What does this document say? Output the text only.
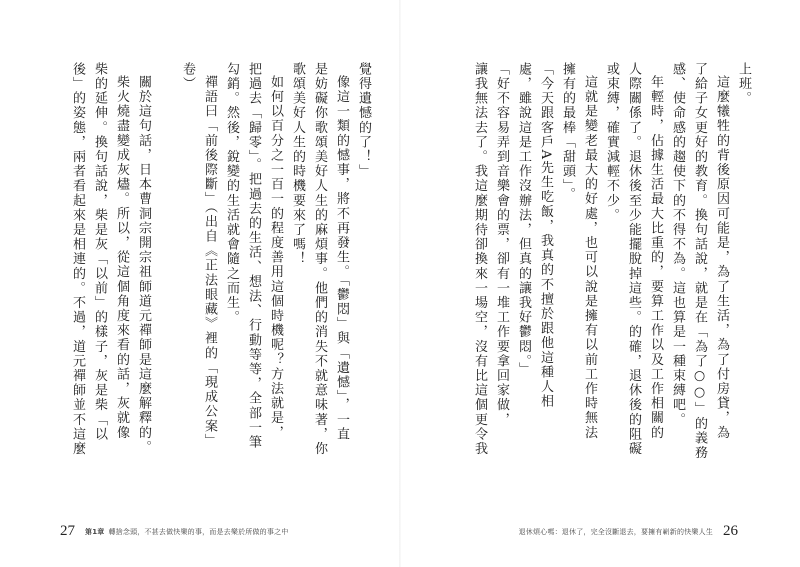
覺得遺憾的了！」
像這一類的憾事，將不再發生。「鬱悶」與「遺憾」，一直
是妨礙你歌頌美好人生的麻煩事。他們的消失不就意味著，你
歌頌美好人生的時機要來了嗎！
如何以百分之一百一的程度善用這個時機呢？方法就是，
把過去「歸零」。把過去的生活、想法、行動等等，全部一筆
勾銷。然後，銳變的生活就會隨之而生。
禪語曰「前後際斷」（出自《正法眼藏》裡的「現成公案」
卷）
關於這句話，日本曹洞宗開宗祖師道元禪師是這麼解釋的。
柴火燒盡變成灰燼。所以，從這個角度來看的話，灰就像
柴的延伸。換句話說，柴是灰「以前」的樣子，灰是柴「以
後」的姿態，兩者看起來是相連的。不過，道元禪師並不這麼
27 第1章 轉捨念頭，不甚去做快樂的事，而是去樂於所做的事之中
上班。
這麼犧牲的背後原因可能是，為了生活，為了付房貸，為
了給子女更好的教育。換句話說，就是在「為了○○」的義務
感、使命感的趨使下的不得不為。這也算是一種束縛吧。
年輕時，佔據生活最大比重的，要算工作以及工作相關的
人際關係了。退休後至少能擺脫掉這些。的確，退休後的阻礙
或束縛，確實減輕不少。
這就是變老最大的好處，也可以說是擁有以前工作時無法
擁有的最棒「甜頭」。
「今天跟客戶A先生吃飯，我真的不擅於跟他這種人相
處，雖說這是工作沒辦法，但真的讓我好鬱悶。」
「好不容易弄到音樂會的票，卻有一堆工作要拿回家做，
讓我無法去了。我這麼期待卻換來一場空，沒有比這個更令我
退休煩心嗎：退休了，完全沒斷退去，要擁有嶄新的快樂人生 26
